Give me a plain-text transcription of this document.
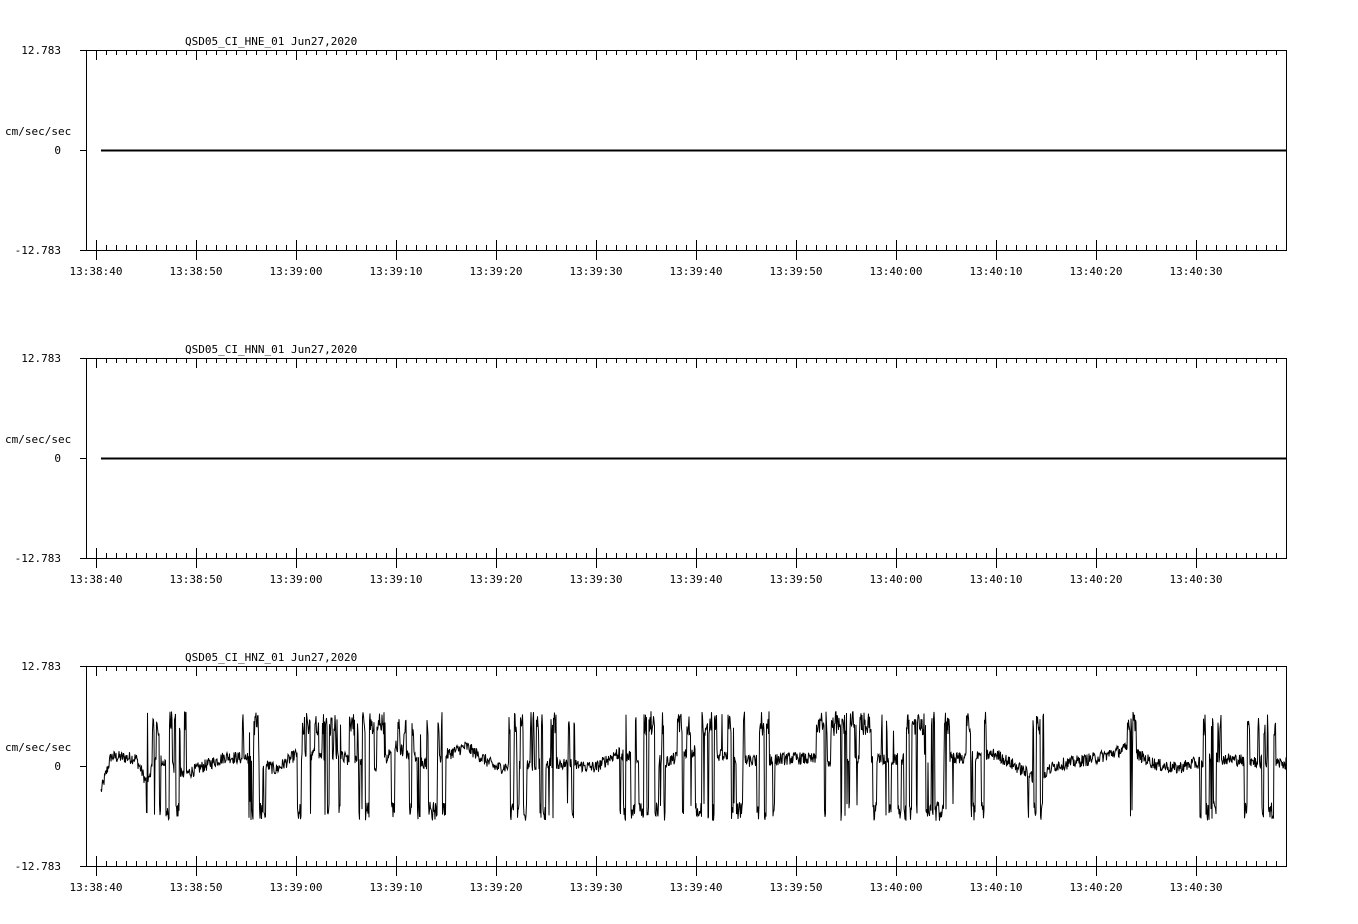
QSD05_CI_HNE_01 Jun27,2020
12.783
0
-12.783
cm/sec/sec
13:38:40	13:38:50	13:39:00	13:39:10	13:39:20	13:39:30	13:39:40	13:39:50	13:40:00	13:40:10	13:40:20	13:40:30
QSD05_CI_HNN_01 Jun27,2020
12.783
0
-12.783
cm/sec/sec
13:38:40	13:38:50	13:39:00	13:39:10	13:39:20	13:39:30	13:39:40	13:39:50	13:40:00	13:40:10	13:40:20	13:40:30
QSD05_CI_HNZ_01 Jun27,2020
12.783
0
-12.783
cm/sec/sec
13:38:40	13:38:50	13:39:00	13:39:10	13:39:20	13:39:30	13:39:40	13:39:50	13:40:00	13:40:10	13:40:20	13:40:30
